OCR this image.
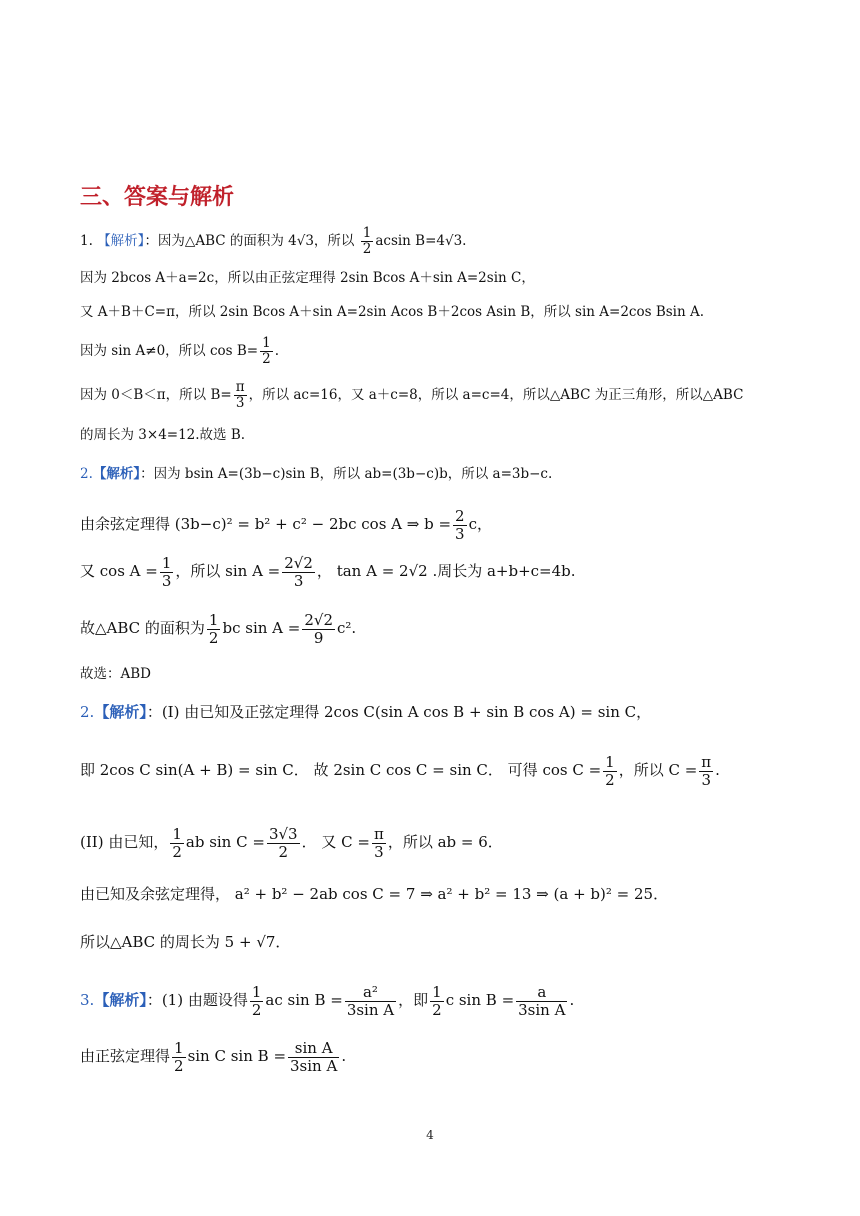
三、答案与解析
1. 【解析】：因为△ABC 的面积为 4√3，所以 $\frac{1}{2}$ acsin B=4√3.
因为 2bcos A＋a=2c，所以由正弦定理得 2sin Bcos A＋sin A=2sin C，
又 A＋B＋C=π，所以 2sin Bcos A＋sin A=2sin Acos B＋2cos Asin B，所以 sin A=2cos Bsin A.
因为 sin A≠0，所以 $\cos B= \frac{1}{2}$ .
因为 0＜B＜π，所以 $B= \frac{\pi}{3}$ ，所以 ac=16，又 a＋c=8，所以 a=c=4，所以△ABC 为正三角形，所以△ABC
的周长为 3×4=12.故选 B.
2.【解析】：因为 bsin A=(3b−c)sin B，所以 ab=(3b−c)b，所以 a=3b−c.
由余弦定理得 (3b−c)² = b² + c² − 2bc cos A ⇒ $b = \frac{2}{3}$ c，
又 $\cos A = \frac{1}{3}$ ，所以 $\sin A = \frac{2√2}{3}$ ， tan A = 2√2 .周长为 a+b+c=4b.
故△ABC 的面积为 $\frac{1}{2}$ bc $\sin A = \frac{2√2}{9} c^2$.
故选：ABD
2.【解析】：(I) 由已知及正弦定理得 2cos C(sin A cos B + sin B cos A) = sin C，
即 2cos C sin(A + B) = sin C． 故 2sin C cos C = sin C． 可得 $\cos C = \frac{1}{2}$ ，所以 $C = \frac{\pi}{3}$ .
(II) 由已知， $\frac{1}{2}$ ab $\sin C = \frac{3√3}{2}$ ． 又 $C = \frac{\pi}{3}$ ，所以 ab = 6．
由已知及余弦定理得， a² + b² − 2ab cos C = 7 ⇒ a² + b² = 13 ⇒ (a + b)² = 25．
所以△ABC 的周长为 5 + √7．
3.【解析】：(1) 由题设得 $\frac{1}{2}$ ac $\sin B = \frac{\text{a²}}{\text{3sin A}}$ ，即 $\frac{1}{2}$ c $\sin B = \frac{a}{\text{3sin A}}$ .
由正弦定理得 $\frac{1}{2}$ sin C $\sin B = \frac{\text{sin A}}{\text{3sin A}}$ .
4
